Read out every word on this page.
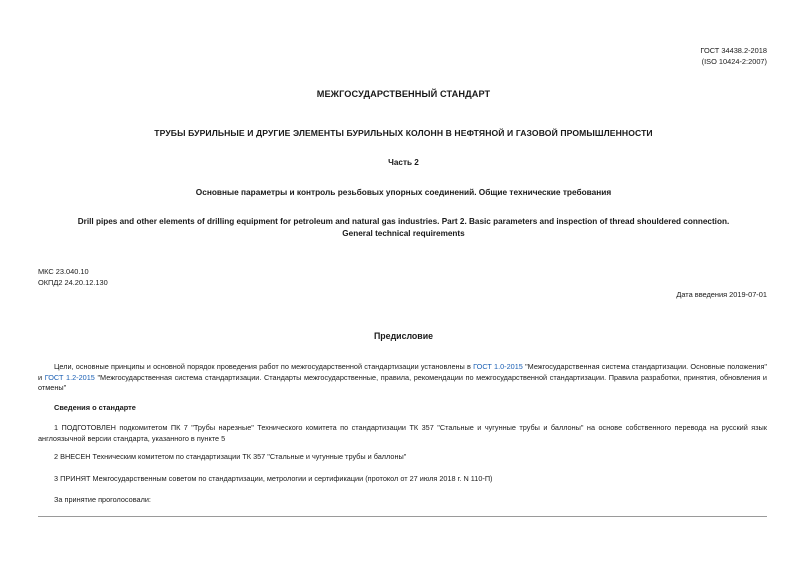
ГОСТ 34438.2-2018
(ISO 10424-2:2007)
МЕЖГОСУДАРСТВЕННЫЙ СТАНДАРТ
ТРУБЫ БУРИЛЬНЫЕ И ДРУГИЕ ЭЛЕМЕНТЫ БУРИЛЬНЫХ КОЛОНН В НЕФТЯНОЙ И ГАЗОВОЙ ПРОМЫШЛЕННОСТИ
Часть 2
Основные параметры и контроль резьбовых упорных соединений. Общие технические требования
Drill pipes and other elements of drilling equipment for petroleum and natural gas industries. Part 2. Basic parameters and inspection of thread shouldered connection.
General technical requirements
МКС 23.040.10
ОКПД2 24.20.12.130
Дата введения 2019-07-01
Предисловие
Цели, основные принципы и основной порядок проведения работ по межгосударственной стандартизации установлены в ГОСТ 1.0-2015 "Межгосударственная система стандартизации. Основные положения" и ГОСТ 1.2-2015 "Межгосударственная система стандартизации. Стандарты межгосударственные, правила, рекомендации по межгосударственной стандартизации. Правила разработки, принятия, обновления и отмены"
Сведения о стандарте
1 ПОДГОТОВЛЕН подкомитетом ПК 7 "Трубы нарезные" Технического комитета по стандартизации ТК 357 "Стальные и чугунные трубы и баллоны" на основе собственного перевода на русский язык англоязычной версии стандарта, указанного в пункте 5
2 ВНЕСЕН Техническим комитетом по стандартизации ТК 357 "Стальные и чугунные трубы и баллоны"
3 ПРИНЯТ Межгосударственным советом по стандартизации, метрологии и сертификации (протокол от 27 июля 2018 г. N 110-П)
За принятие проголосовали:
